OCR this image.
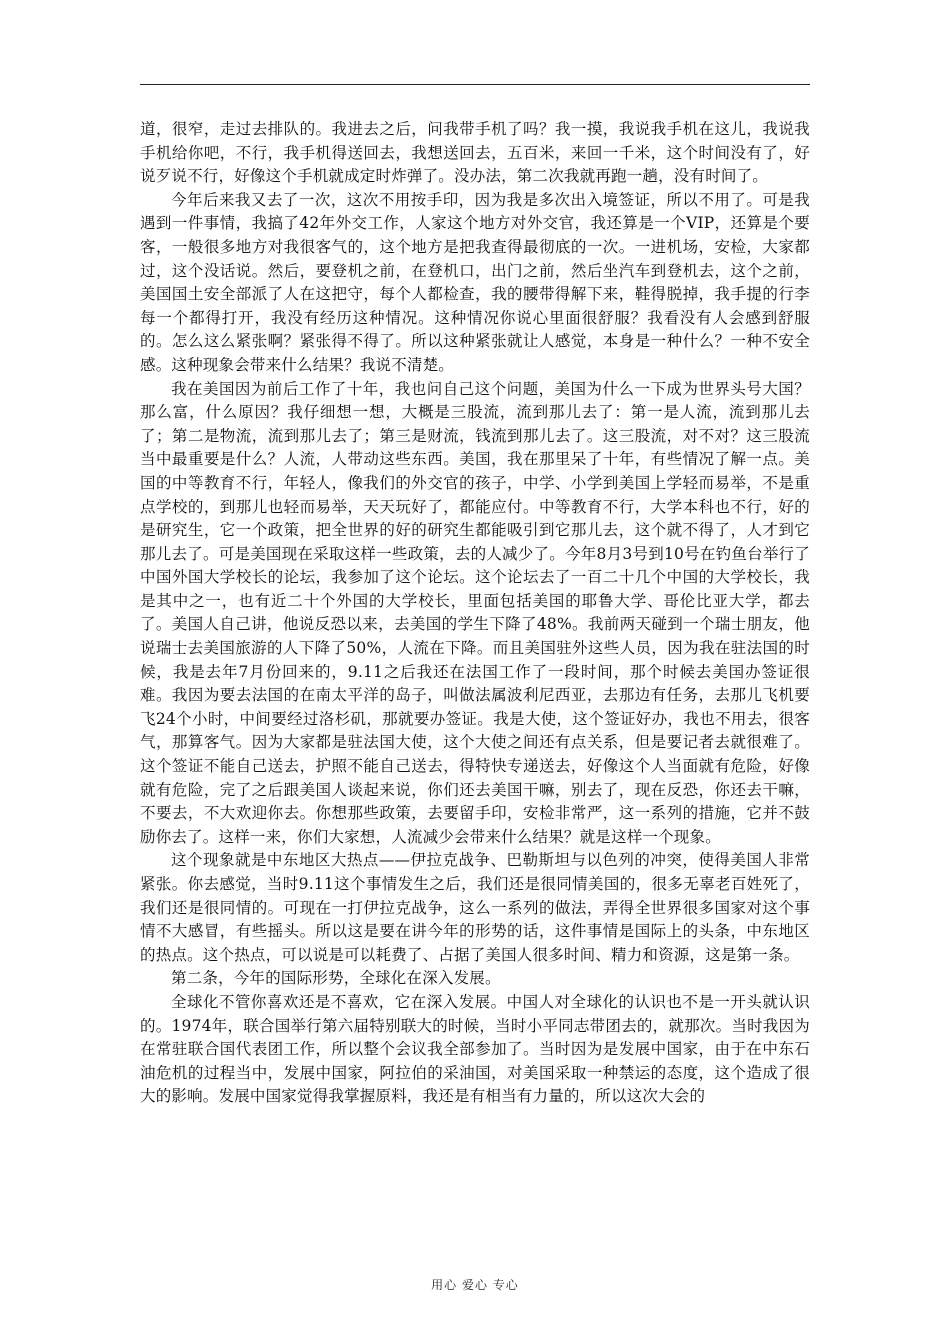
道，很窄，走过去排队的。我进去之后，问我带手机了吗？我一摸，我说我手机在这儿，我说我手机给你吧，不行，我手机得送回去，我想送回去，五百米，来回一千米，这个时间没有了，好说歹说不行，好像这个手机就成定时炸弹了。没办法，第二次我就再跑一趟，没有时间了。

今年后来我又去了一次，这次不用按手印，因为我是多次出入境签证，所以不用了。可是我遇到一件事情，我搞了42年外交工作，人家这个地方对外交官，我还算是一个VIP，还算是个要客，一般很多地方对我很客气的，这个地方是把我查得最彻底的一次。一进机场，安检，大家都过，这个没话说。然后，要登机之前，在登机口，出门之前，然后坐汽车到登机去，这个之前，美国国土安全部派了人在这把守，每个人都检查，我的腰带得解下来，鞋得脱掉，我手提的行李每一个都得打开，我没有经历这种情况。这种情况你说心里面很舒服？我看没有人会感到舒服的。怎么这么紧张啊？紧张得不得了。所以这种紧张就让人感觉，本身是一种什么？一种不安全感。这种现象会带来什么结果？我说不清楚。

我在美国因为前后工作了十年，我也问自己这个问题，美国为什么一下成为世界头号大国？那么富，什么原因？我仔细想一想，大概是三股流，流到那儿去了：第一是人流，流到那儿去了；第二是物流，流到那儿去了；第三是财流，钱流到那儿去了。这三股流，对不对？这三股流当中最重要是什么？人流，人带动这些东西。美国，我在那里呆了十年，有些情况了解一点。美国的中等教育不行，年轻人，像我们的外交官的孩子，中学、小学到美国上学轻而易举，不是重点学校的，到那儿也轻而易举，天天玩好了，都能应付。中等教育不行，大学本科也不行，好的是研究生，它一个政策，把全世界的好的研究生都能吸引到它那儿去，这个就不得了，人才到它那儿去了。可是美国现在采取这样一些政策，去的人减少了。今年8月3号到10号在钓鱼台举行了中国外国大学校长的论坛，我参加了这个论坛。这个论坛去了一百二十几个中国的大学校长，我是其中之一，也有近二十个外国的大学校长，里面包括美国的耶鲁大学、哥伦比亚大学，都去了。美国人自己讲，他说反恐以来，去美国的学生下降了48%。我前两天碰到一个瑞士朋友，他说瑞士去美国旅游的人下降了50%，人流在下降。而且美国驻外这些人员，因为我在驻法国的时候，我是去年7月份回来的，9.11之后我还在法国工作了一段时间，那个时候去美国办签证很难。我因为要去法国的在南太平洋的岛子，叫做法属波利尼西亚，去那边有任务，去那儿飞机要飞24个小时，中间要经过洛杉矶，那就要办签证。我是大使，这个签证好办，我也不用去，很客气，那算客气。因为大家都是驻法国大使，这个大使之间还有点关系，但是要记者去就很难了。这个签证不能自己送去，护照不能自己送去，得特快专递送去，好像这个人当面就有危险，好像就有危险，完了之后跟美国人谈起来说，你们还去美国干嘛，别去了，现在反恐，你还去干嘛，不要去，不大欢迎你去。你想那些政策，去要留手印，安检非常严，这一系列的措施，它并不鼓励你去了。这样一来，你们大家想，人流减少会带来什么结果？就是这样一个现象。

这个现象就是中东地区大热点——伊拉克战争、巴勒斯坦与以色列的冲突，使得美国人非常紧张。你去感觉，当时9.11这个事情发生之后，我们还是很同情美国的，很多无辜老百姓死了，我们还是很同情的。可现在一打伊拉克战争，这么一系列的做法，弄得全世界很多国家对这个事情不大感冒，有些摇头。所以这是要在讲今年的形势的话，这件事情是国际上的头条，中东地区的热点。这个热点，可以说是可以耗费了、占据了美国人很多时间、精力和资源，这是第一条。

第二条，今年的国际形势，全球化在深入发展。

全球化不管你喜欢还是不喜欢，它在深入发展。中国人对全球化的认识也不是一开头就认识的。1974年，联合国举行第六届特别联大的时候，当时小平同志带团去的，就那次。当时我因为在常驻联合国代表团工作，所以整个会议我全部参加了。当时因为是发展中国家，由于在中东石油危机的过程当中，发展中国家，阿拉伯的采油国，对美国采取一种禁运的态度，这个造成了很大的影响。发展中国家觉得我掌握原料，我还是有相当有力量的，所以这次大会的

用心 爱心 专心
